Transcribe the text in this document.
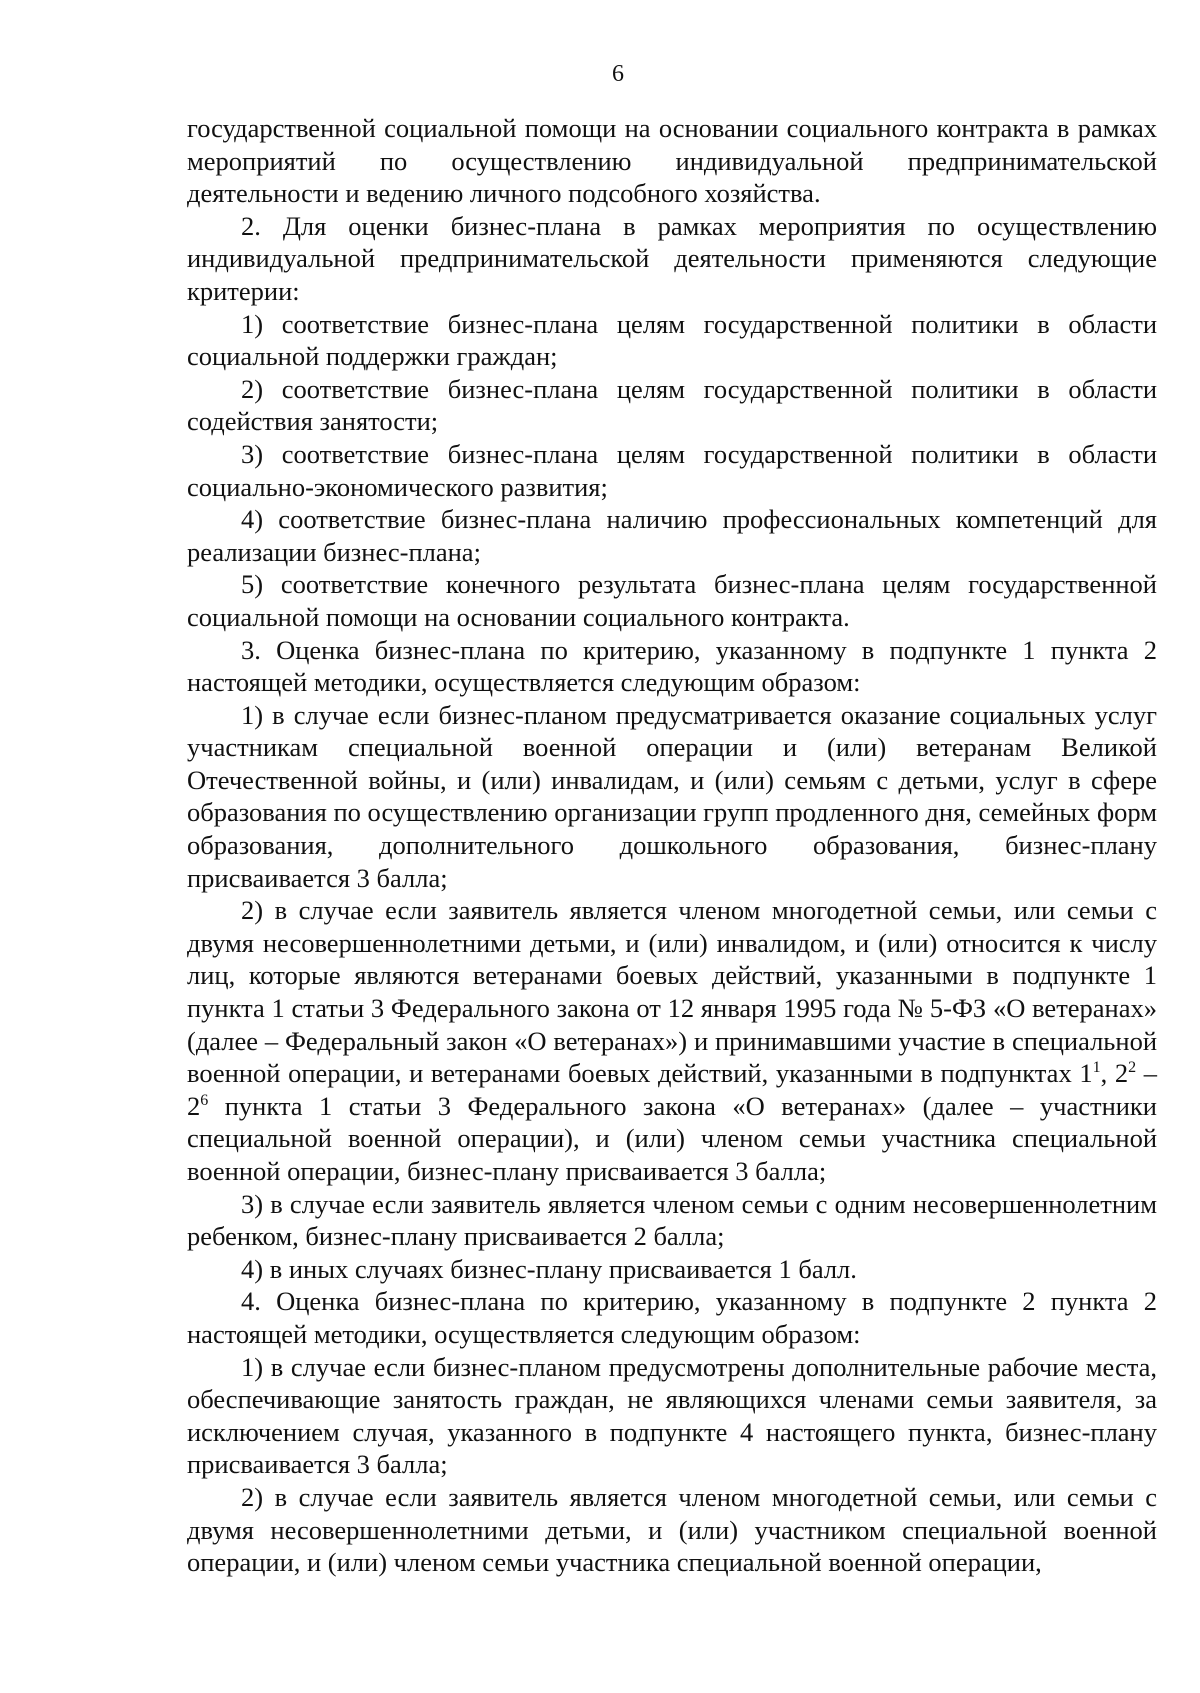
6

государственной социальной помощи на основании социального контракта в рамках мероприятий по осуществлению индивидуальной предпринимательской деятельности и ведению личного подсобного хозяйства.

2. Для оценки бизнес-плана в рамках мероприятия по осуществлению индивидуальной предпринимательской деятельности применяются следующие критерии:

1) соответствие бизнес-плана целям государственной политики в области социальной поддержки граждан;

2) соответствие бизнес-плана целям государственной политики в области содействия занятости;

3) соответствие бизнес-плана целям государственной политики в области социально-экономического развития;

4) соответствие бизнес-плана наличию профессиональных компетенций для реализации бизнес-плана;

5) соответствие конечного результата бизнес-плана целям государственной социальной помощи на основании социального контракта.

3. Оценка бизнес-плана по критерию, указанному в подпункте 1 пункта 2 настоящей методики, осуществляется следующим образом:

1) в случае если бизнес-планом предусматривается оказание социальных услуг участникам специальной военной операции и (или) ветеранам Великой Отечественной войны, и (или) инвалидам, и (или) семьям с детьми, услуг в сфере образования по осуществлению организации групп продленного дня, семейных форм образования, дополнительного дошкольного образования, бизнес-плану присваивается 3 балла;

2) в случае если заявитель является членом многодетной семьи, или семьи с двумя несовершеннолетними детьми, и (или) инвалидом, и (или) относится к числу лиц, которые являются ветеранами боевых действий, указанными в подпункте 1 пункта 1 статьи 3 Федерального закона от 12 января 1995 года № 5-ФЗ «О ветеранах» (далее – Федеральный закон «О ветеранах») и принимавшими участие в специальной военной операции, и ветеранами боевых действий, указанными в подпунктах $1^1$, $2^2 - 2^6$ пункта 1 статьи 3 Федерального закона «О ветеранах» (далее – участники специальной военной операции), и (или) членом семьи участника специальной военной операции, бизнес-плану присваивается 3 балла;

3) в случае если заявитель является членом семьи с одним несовершеннолетним ребенком, бизнес-плану присваивается 2 балла;

4) в иных случаях бизнес-плану присваивается 1 балл.

4. Оценка бизнес-плана по критерию, указанному в подпункте 2 пункта 2 настоящей методики, осуществляется следующим образом:

1) в случае если бизнес-планом предусмотрены дополнительные рабочие места, обеспечивающие занятость граждан, не являющихся членами семьи заявителя, за исключением случая, указанного в подпункте 4 настоящего пункта, бизнес-плану присваивается 3 балла;

2) в случае если заявитель является членом многодетной семьи, или семьи с двумя несовершеннолетними детьми, и (или) участником специальной военной операции, и (или) членом семьи участника специальной военной операции,
